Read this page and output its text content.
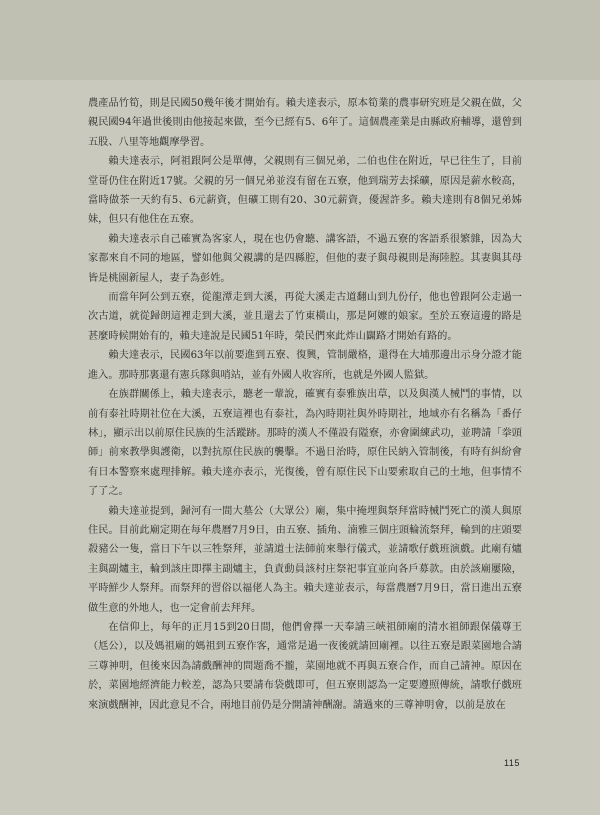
農產品竹筍，則是民國50幾年後才開始有。賴夫達表示，原本筍業的農事研究班是父親在做，父親民國94年過世後則由他接起來做，至今已經有5、6年了。這個農產業是由縣政府輔導，還曾到五股、八里等地觀摩學習。

賴夫達表示，阿祖跟阿公是單傳，父親則有三個兄弟，二伯也住在附近，早已往生了，目前堂哥仍住在附近17號。父親的另一個兄弟並沒有留在五寮，他到瑞芳去採礦，原因是薪水較高，當時做茶一天約有5、6元薪資，但礦工則有20、30元薪資，優渥許多。賴夫達則有8個兄弟姊妹，但只有他住在五寮。

賴夫達表示自己確實為客家人，現在也仍會聽、講客語，不過五寮的客語系很繁雜，因為大家都來自不同的地區，譬如他與父親講的是四縣腔，但他的妻子與母親則是海陸腔。其妻與其母皆是桃園新屋人，妻子為彭姓。

而當年阿公到五寮，從龍潭走到大溪，再從大溪走古道翻山到九份仔，他也曾跟阿公走過一次古道，就從歸朗這裡走到大溪，並且還去了竹東橫山，那是阿嬤的娘家。至於五寮這邊的路是甚麼時候開始有的，賴夫達說是民國51年時，榮民們來此炸山闢路才開始有路的。

賴夫達表示，民國63年以前要進到五寮、復興，管制嚴格，還得在大埔那邊出示身分證才能進入。那時那裏還有憲兵隊與哨站，並有外國人收容所，也就是外國人監獄。

在族群關係上，賴夫達表示，聽老一輩說，確實有泰雅族出草，以及與漢人械鬥的事情，以前有泰社時期社位在大溪，五寮這裡也有泰社，為內時期社與外時期社，地域亦有名稱為「番仔林」，顯示出以前原住民族的生活蹤跡。那時的漢人不僅設有隘寮，亦會圍練武功，並聘請「拳頭師」前來教學與護衛，以對抗原住民族的襲擊。不過日治時，原住民納入管制後，有時有糾紛會有日本警察來處理排解。賴夫達亦表示，光復後，曾有原住民下山要索取自己的土地，但事情不了了之。

賴夫達並提到，歸河有一間大墓公（大眾公）廟，集中掩埋與祭拜當時械鬥死亡的漢人與原住民。目前此廟定期在每年農曆7月9日，由五寮、插角、湳雅三個庄頭輪流祭拜，輪到的庄頭要殺豬公一隻，當日下午以三牲祭拜，並請道士法師前來舉行儀式，並請歌仔戲班演戲。此廟有爐主與副爐主，輪到該庄即擇主副爐主，負責動員該村庄祭祀事宜並向各戶募款。由於該廟屢險，平時鮮少人祭拜。而祭拜的習俗以福佬人為主。賴夫達並表示，每當農曆7月9日，當日進出五寮做生意的外地人，也一定會前去拜拜。

在信仰上，每年的正月15到20日間，他們會擇一天奉請三峽祖師廟的清水祖師跟保儀尊王（尪公），以及媽祖廟的媽祖到五寮作客，通常是過一夜後就請回廟裡。以往五寮是跟菜園地合請三尊神明，但後來因為請戲酬神的問題喬不攏，菜園地就不再與五寮合作，而自己請神。原因在於，菜園地經濟能力較差，認為只要請布袋戲即可，但五寮則認為一定要遵照傳統，請歌仔戲班來演戲酬神，因此意見不合，兩地目前仍是分開請神酬謝。請過來的三尊神明會，以前是放在

115
